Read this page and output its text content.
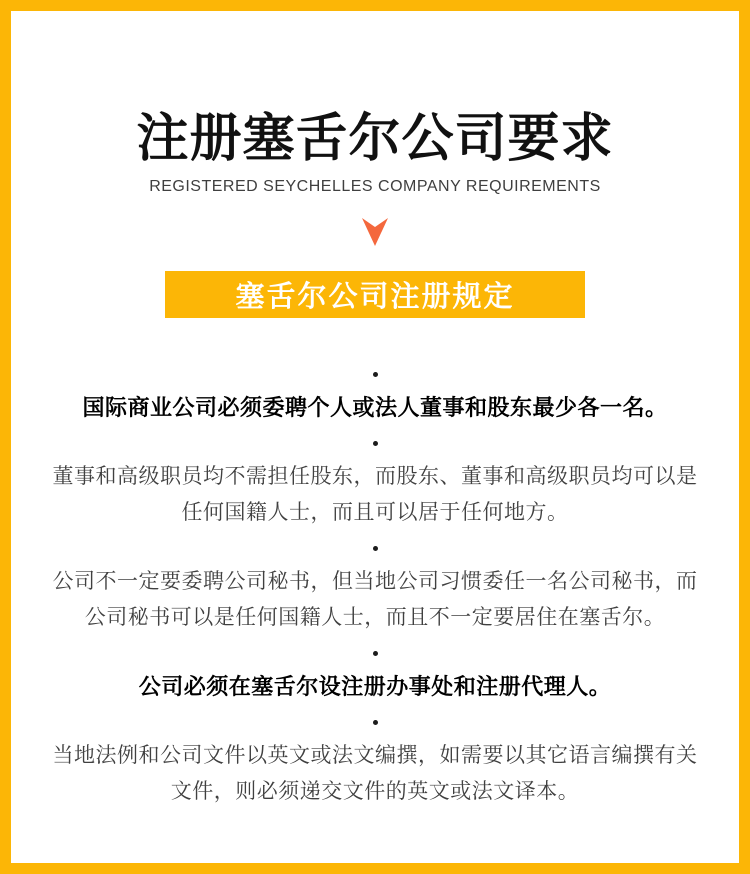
注册塞舌尔公司要求
REGISTERED SEYCHELLES COMPANY REQUIREMENTS
塞舌尔公司注册规定
国际商业公司必须委聘个人或法人董事和股东最少各一名。
董事和高级职员均不需担任股东，而股东、董事和高级职员均可以是任何国籍人士，而且可以居于任何地方。
公司不一定要委聘公司秘书，但当地公司习惯委任一名公司秘书，而公司秘书可以是任何国籍人士，而且不一定要居住在塞舌尔。
公司必须在塞舌尔设注册办事处和注册代理人。
当地法例和公司文件以英文或法文编撰，如需要以其它语言编撰有关文件，则必须递交文件的英文或法文译本。
